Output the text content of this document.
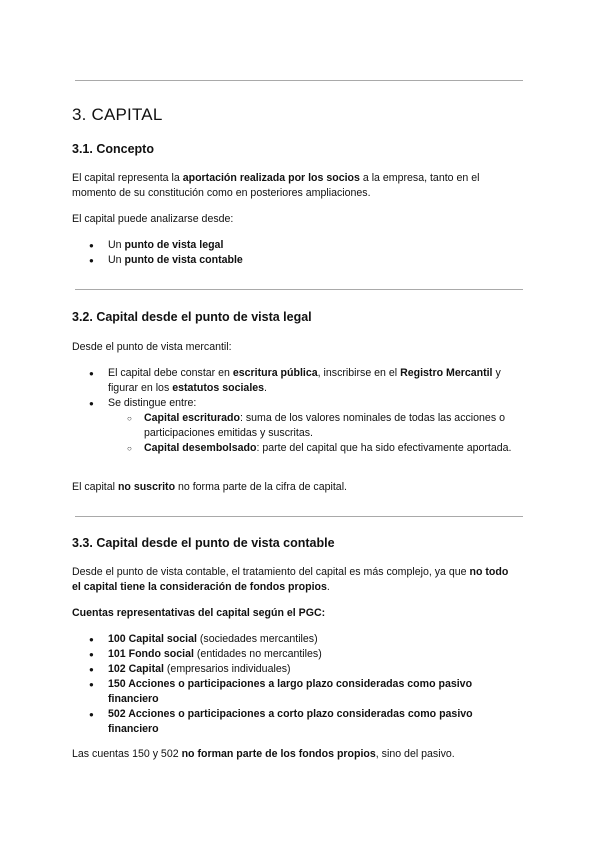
3. CAPITAL
3.1. Concepto

El capital representa la aportación realizada por los socios a la empresa, tanto en el momento de su constitución como en posteriores ampliaciones.

El capital puede analizarse desde:

● Un punto de vista legal
● Un punto de vista contable
3.2. Capital desde el punto de vista legal

Desde el punto de vista mercantil:

● El capital debe constar en escritura pública, inscribirse en el Registro Mercantil y figurar en los estatutos sociales.
● Se distingue entre:
○ Capital escriturado: suma de los valores nominales de todas las acciones o participaciones emitidas y suscritas.
○ Capital desembolsado: parte del capital que ha sido efectivamente aportada.

El capital no suscrito no forma parte de la cifra de capital.

3.3. Capital desde el punto de vista contable

Desde el punto de vista contable, el tratamiento del capital es más complejo, ya que no todo el capital tiene la consideración de fondos propios.

Cuentas representativas del capital según el PGC:

● 100 Capital social (sociedades mercantiles)
● 101 Fondo social (entidades no mercantiles)
● 102 Capital (empresarios individuales)
● 150 Acciones o participaciones a largo plazo consideradas como pasivo financiero
● 502 Acciones o participaciones a corto plazo consideradas como pasivo financiero

Las cuentas 150 y 502 no forman parte de los fondos propios, sino del pasivo.
